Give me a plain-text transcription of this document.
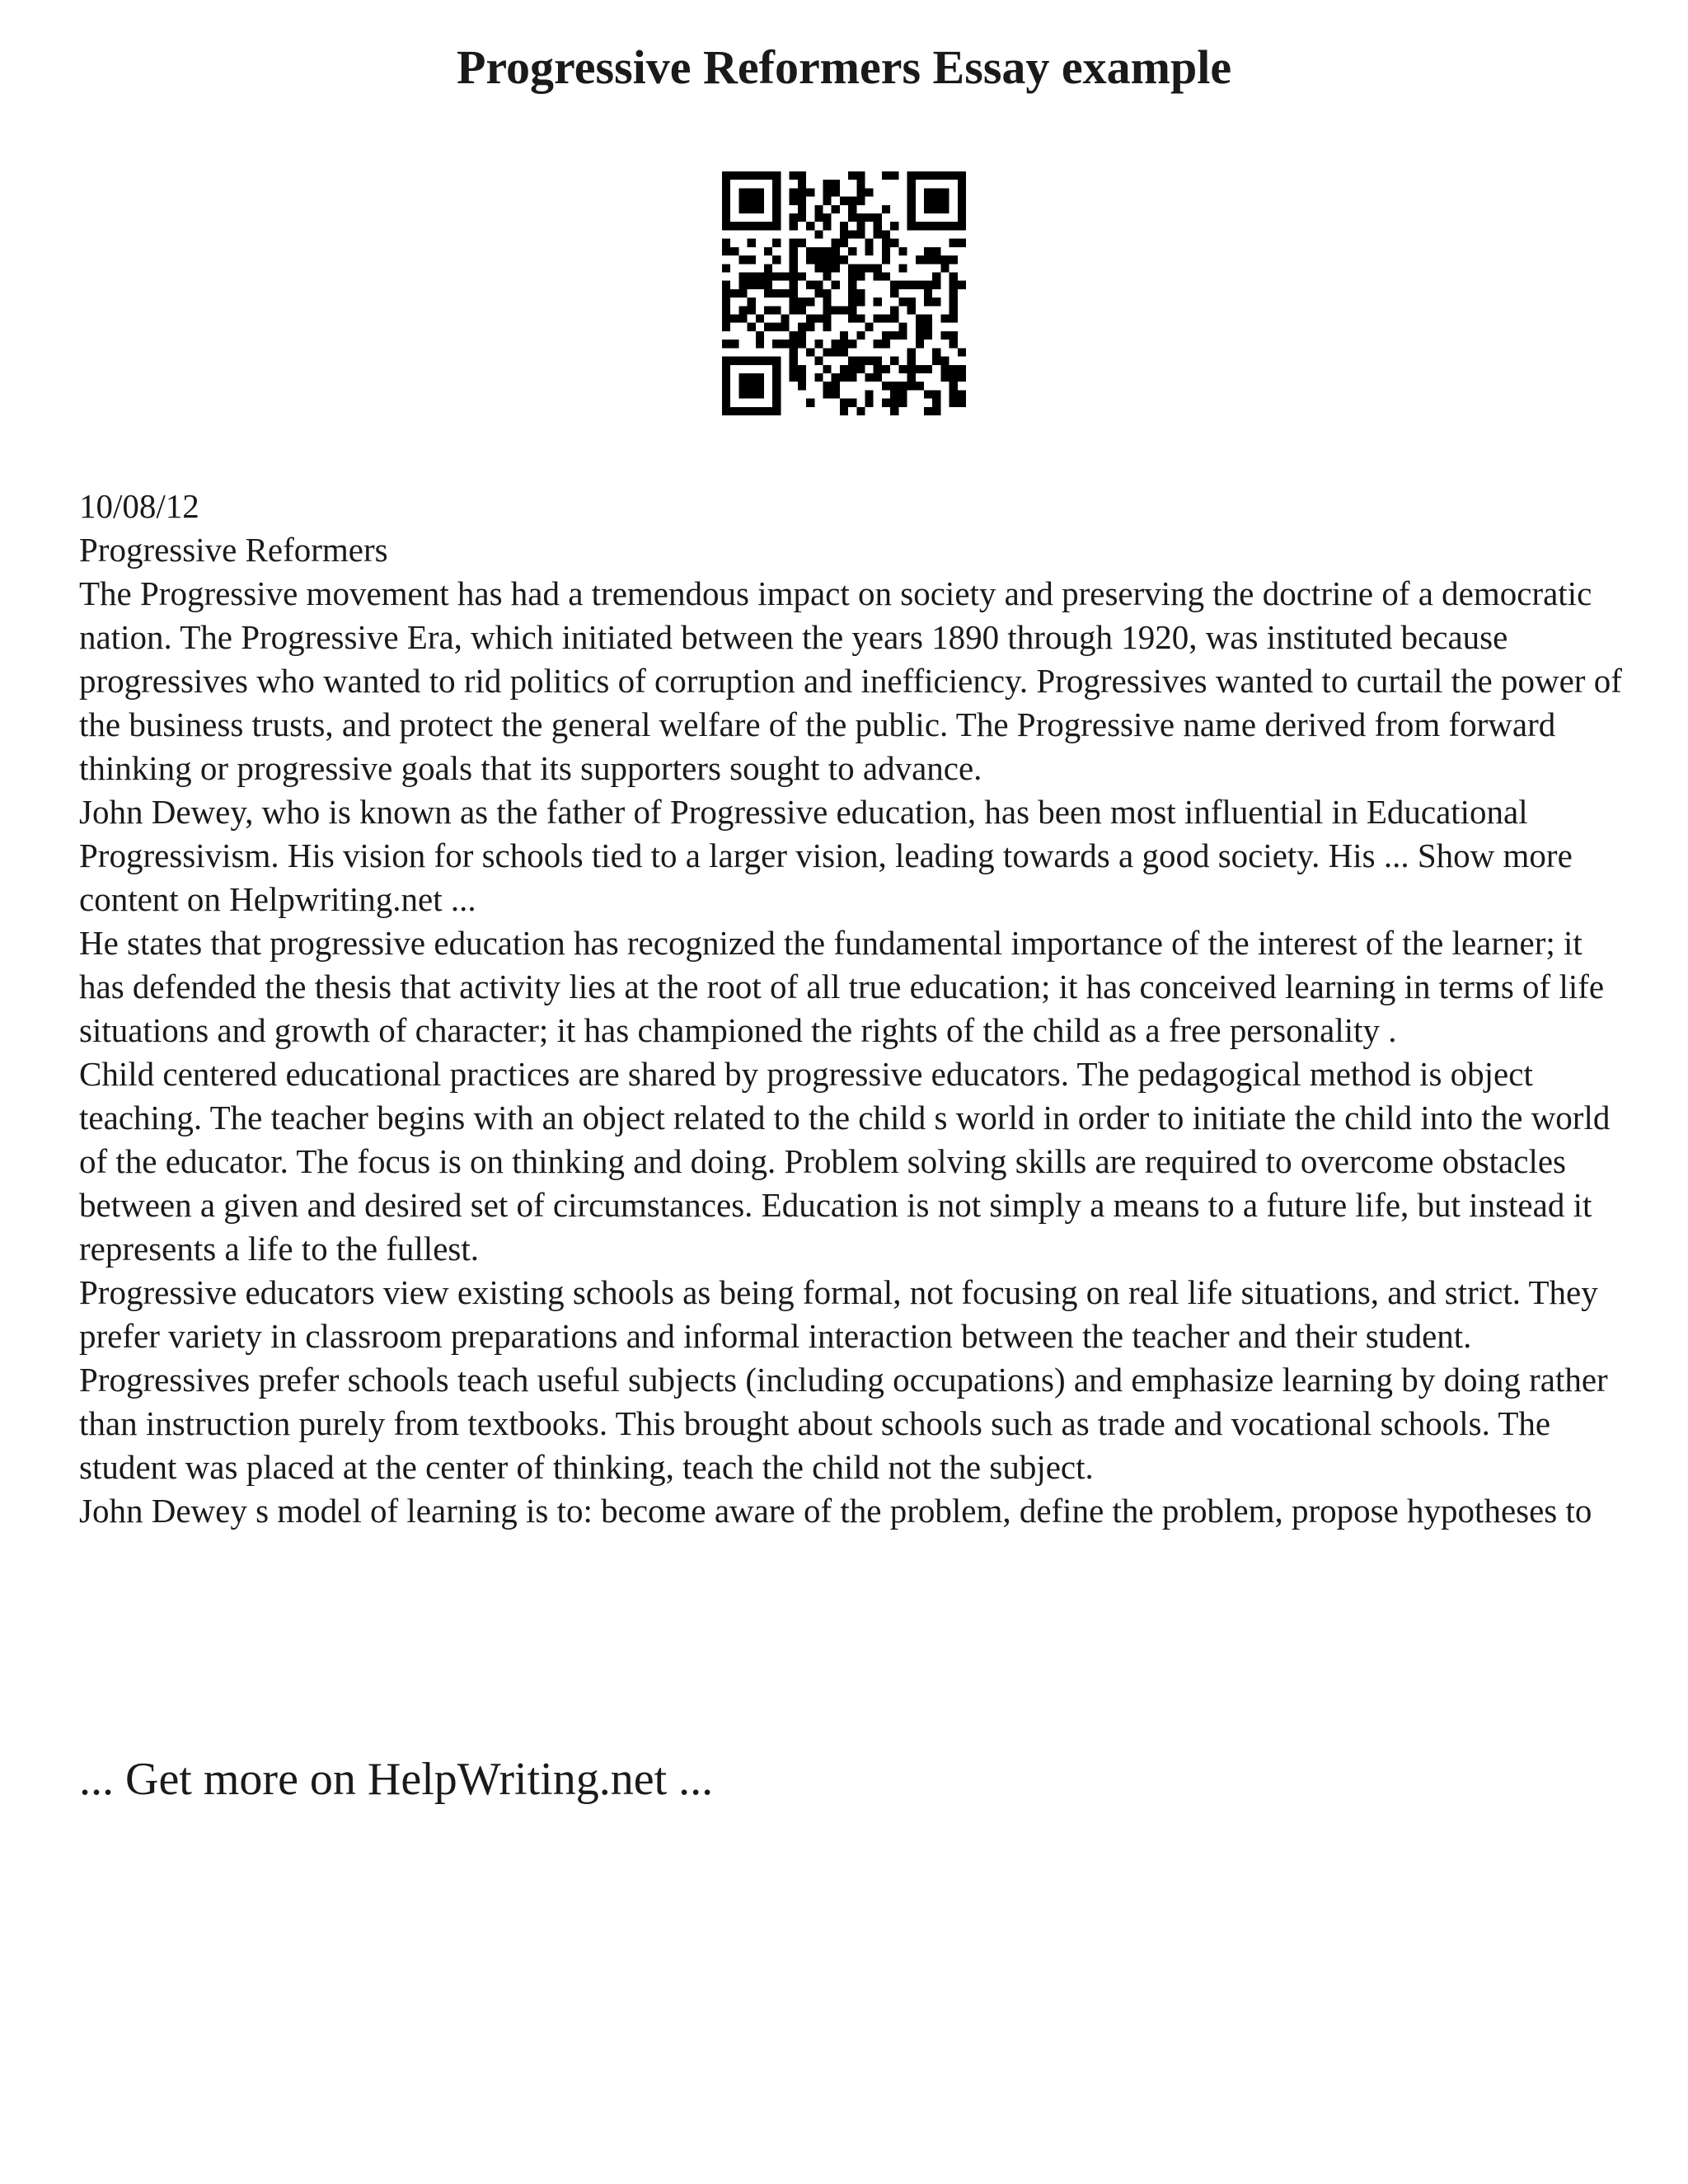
Progressive Reformers Essay example

10/08/12

Progressive Reformers

The Progressive movement has had a tremendous impact on society and preserving the doctrine of a democratic nation. The Progressive Era, which initiated between the years 1890 through 1920, was instituted because progressives who wanted to rid politics of corruption and inefficiency. Progressives wanted to curtail the power of the business trusts, and protect the general welfare of the public. The Progressive name derived from forward thinking or progressive goals that its supporters sought to advance.

John Dewey, who is known as the father of Progressive education, has been most influential in Educational Progressivism. His vision for schools tied to a larger vision, leading towards a good society. His ... Show more content on Helpwriting.net ...

He states that progressive education has recognized the fundamental importance of the interest of the learner; it has defended the thesis that activity lies at the root of all true education; it has conceived learning in terms of life situations and growth of character; it has championed the rights of the child as a free personality .

Child centered educational practices are shared by progressive educators. The pedagogical method is object teaching. The teacher begins with an object related to the child s world in order to initiate the child into the world of the educator. The focus is on thinking and doing. Problem solving skills are required to overcome obstacles between a given and desired set of circumstances. Education is not simply a means to a future life, but instead it represents a life to the fullest.

Progressive educators view existing schools as being formal, not focusing on real life situations, and strict. They prefer variety in classroom preparations and informal interaction between the teacher and their student. Progressives prefer schools teach useful subjects (including occupations) and emphasize learning by doing rather than instruction purely from textbooks. This brought about schools such as trade and vocational schools. The student was placed at the center of thinking, teach the child not the subject.

John Dewey s model of learning is to: become aware of the problem, define the problem, propose hypotheses to

... Get more on HelpWriting.net ...
